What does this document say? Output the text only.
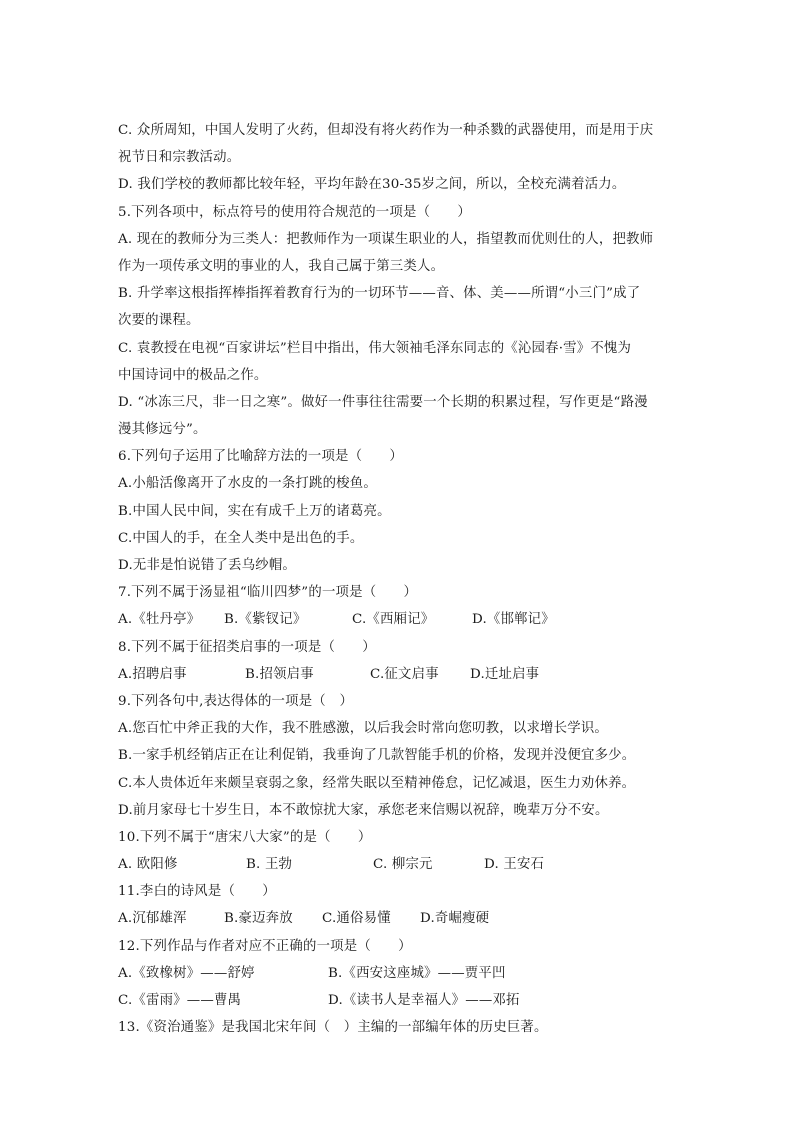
C. 众所周知，中国人发明了火药，但却没有将火药作为一种杀戮的武器使用，而是用于庆
祝节日和宗教活动。
D. 我们学校的教师都比较年轻，平均年龄在30-35岁之间，所以，全校充满着活力。
5.下列各项中，标点符号的使用符合规范的一项是（　　）
A. 现在的教师分为三类人：把教师作为一项谋生职业的人，指望教而优则仕的人，把教师
作为一项传承文明的事业的人，我自己属于第三类人。
B. 升学率这根指挥棒指挥着教育行为的一切环节——音、体、美——所谓“小三门”成了
次要的课程。
C. 袁教授在电视“百家讲坛”栏目中指出，伟大领袖毛泽东同志的《沁园春·雪》不愧为
中国诗词中的极品之作。
D. “冰冻三尺，非一日之寒”。做好一件事往往需要一个长期的积累过程，写作更是“路漫
漫其修远兮”。
6.下列句子运用了比喻辞方法的一项是（　　）
A.小船活像离开了水皮的一条打跳的梭鱼。
B.中国人民中间，实在有成千上万的诸葛亮。
C.中国人的手，在全人类中是出色的手。
D.无非是怕说错了丢乌纱帽。
7.下列不属于汤显祖“临川四梦”的一项是（　　）
A.《牡丹亭》	B.《紫钗记》	C.《西厢记》	D.《邯郸记》
8.下列不属于征招类启事的一项是（　　）
A.招聘启事	B.招领启事	C.征文启事	D.迁址启事
9.下列各句中,表达得体的一项是（　）
A.您百忙中斧正我的大作，我不胜感激，以后我会时常向您叨教，以求增长学识。
B.一家手机经销店正在让利促销，我垂询了几款智能手机的价格，发现并没便宜多少。
C.本人贵体近年来颇呈衰弱之象，经常失眠以至精神倦怠，记忆减退，医生力劝休养。
D.前月家母七十岁生日，本不敢惊扰大家，承您老来信赐以祝辞，晚辈万分不安。
10.下列不属于“唐宋八大家”的是（　　）
A. 欧阳修	B. 王勃	C. 柳宗元	D. 王安石
11.李白的诗风是（　　）
A.沉郁雄浑	B.豪迈奔放	C.通俗易懂	D.奇崛瘦硬
12.下列作品与作者对应不正确的一项是（　　）
A.《致橡树》——舒婷	B.《西安这座城》——贾平凹
C.《雷雨》——曹禺	D.《读书人是幸福人》——邓拓
13.《资治通鉴》是我国北宋年间（　）主编的一部编年体的历史巨著。
